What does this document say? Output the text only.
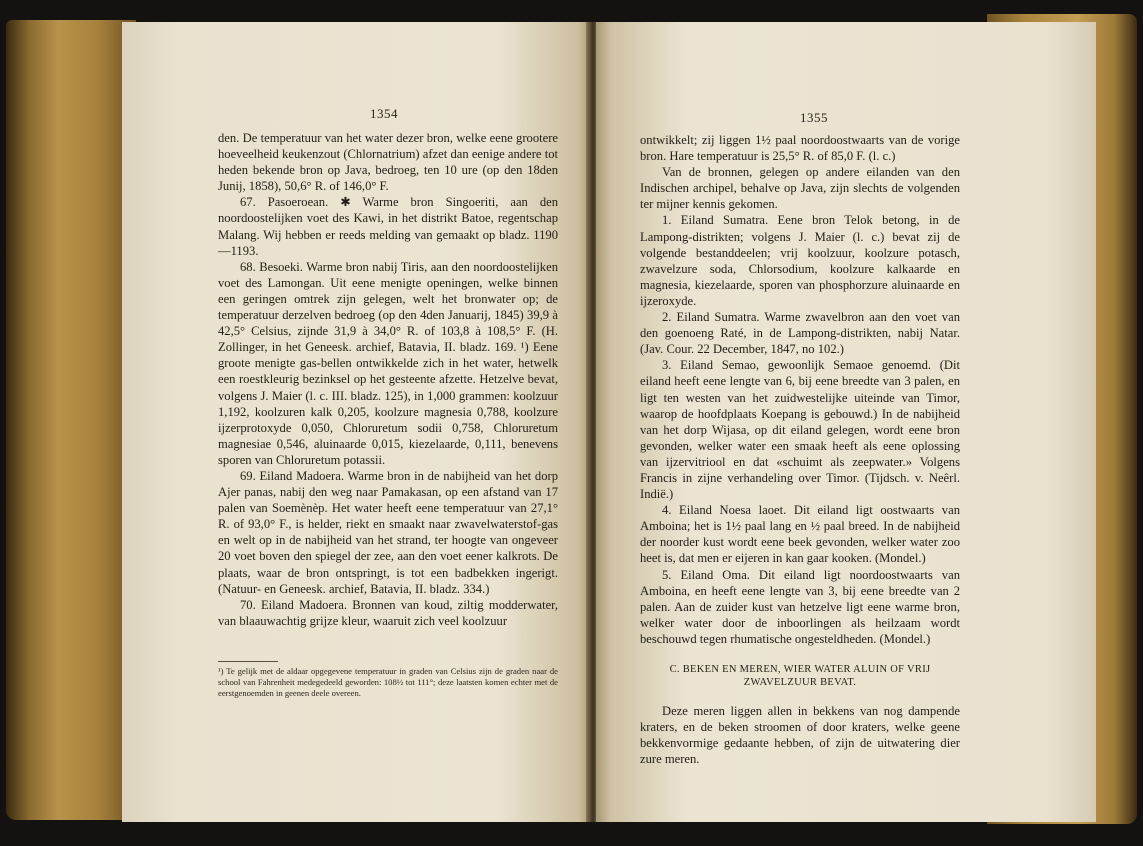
1354

den. De temperatuur van het water dezer bron, welke eene grootere hoeveelheid keukenzout (Chlornatrium) afzet dan eenige andere tot heden bekende bron op Java, bedroeg, ten 10 ure (op den 18den Junij, 1858), 50,6° R. of 146,0° F.

67. Pasoeroean. ✱ Warme bron Singoeriti, aan den noordoostelijken voet des Kawi, in het distrikt Batoe, regentschap Malang. Wij hebben er reeds melding van gemaakt op bladz. 1190—1193.

68. Besoeki. Warme bron nabij Tiris, aan den noordoostelijken voet des Lamongan. Uit eene menigte openingen, welke binnen een geringen omtrek zijn gelegen, welt het bronwater op; de temperatuur derzelven bedroeg (op den 4den Januarij, 1845) 39,9 à 42,5° Celsius, zijnde 31,9 à 34,0° R. of 103,8 à 108,5° F. (H. Zollinger, in het Geneesk. archief, Batavia, II. bladz. 169. ¹) Eene groote menigte gas-bellen ontwikkelde zich in het water, hetwelk een roestkleurig bezinksel op het gesteente afzette. Hetzelve bevat, volgens J. Maier (l. c. III. bladz. 125), in 1,000 grammen: koolzuur 1,192, koolzuren kalk 0,205, koolzure magnesia 0,788, koolzure ijzerprotoxyde 0,050, Chloruretum sodii 0,758, Chloruretum magnesiae 0,546, aluinaarde 0,015, kiezelaarde, 0,111, benevens sporen van Chloruretum potassii.

69. Eiland Madoera. Warme bron in de nabijheid van het dorp Ajer panas, nabij den weg naar Pamakasan, op een afstand van 17 palen van Soemènèp. Het water heeft eene temperatuur van 27,1° R. of 93,0° F., is helder, riekt en smaakt naar zwavelwaterstof-gas en welt op in de nabijheid van het strand, ter hoogte van ongeveer 20 voet boven den spiegel der zee, aan den voet eener kalkrots. De plaats, waar de bron ontspringt, is tot een badbekken ingerigt. (Natuur- en Geneesk. archief, Batavia, II. bladz. 334.)

70. Eiland Madoera. Bronnen van koud, ziltig modderwater, van blaauwachtig grijze kleur, waaruit zich veel koolzuur

¹) Te gelijk met de aldaar opgegevene temperatuur in graden van Celsius zijn de graden naar de school van Fahrenheit medegedeeld geworden: 108½ tot 111°; deze laatsten komen echter met de eerstgenoemden in geenen deele overeen.
1355

ontwikkelt; zij liggen 1½ paal noordoostwaarts van de vorige bron. Hare temperatuur is 25,5° R. of 85,0 F. (l. c.)

Van de bronnen, gelegen op andere eilanden van den Indischen archipel, behalve op Java, zijn slechts de volgenden ter mijner kennis gekomen.

1. Eiland Sumatra. Eene bron Telok betong, in de Lampong-distrikten; volgens J. Maier (l. c.) bevat zij de volgende bestanddeelen; vrij koolzuur, koolzure potasch, zwavelzure soda, Chlorsodium, koolzure kalkaarde en magnesia, kiezelaarde, sporen van phosphorzure aluinaarde en ijzeroxyde.

2. Eiland Sumatra. Warme zwavelbron aan den voet van den goenoeng Raté, in de Lampong-distrikten, nabij Natar. (Jav. Cour. 22 December, 1847, no 102.)

3. Eiland Semao, gewoonlijk Semaoe genoemd. (Dit eiland heeft eene lengte van 6, bij eene breedte van 3 palen, en ligt ten westen van het zuidwestelijke uiteinde van Timor, waarop de hoofdplaats Koepang is gebouwd.) In de nabijheid van het dorp Wijasa, op dit eiland gelegen, wordt eene bron gevonden, welker water een smaak heeft als eene oplossing van ijzervitriool en dat «schuimt als zeepwater.» Volgens Francis in zijne verhandeling over Timor. (Tijdsch. v. Neêrl. Indië.)

4. Eiland Noesa laoet. Dit eiland ligt oostwaarts van Amboina; het is 1½ paal lang en ½ paal breed. In de nabijheid der noorder kust wordt eene beek gevonden, welker water zoo heet is, dat men er eijeren in kan gaar kooken. (Mondel.)

5. Eiland Oma. Dit eiland ligt noordoostwaarts van Amboina, en heeft eene lengte van 3, bij eene breedte van 2 palen. Aan de zuider kust van hetzelve ligt eene warme bron, welker water door de inboorlingen als heilzaam wordt beschouwd tegen rhumatische ongesteldheden. (Mondel.)

C. BEKEN EN MEREN, WIER WATER ALUIN OF VRIJ ZWAVELZUUR BEVAT.

Deze meren liggen allen in bekkens van nog dampende kraters, en de beken stroomen of door kraters, welke geene bekkenvormige gedaante hebben, of zijn de uitwatering dier zure meren.
